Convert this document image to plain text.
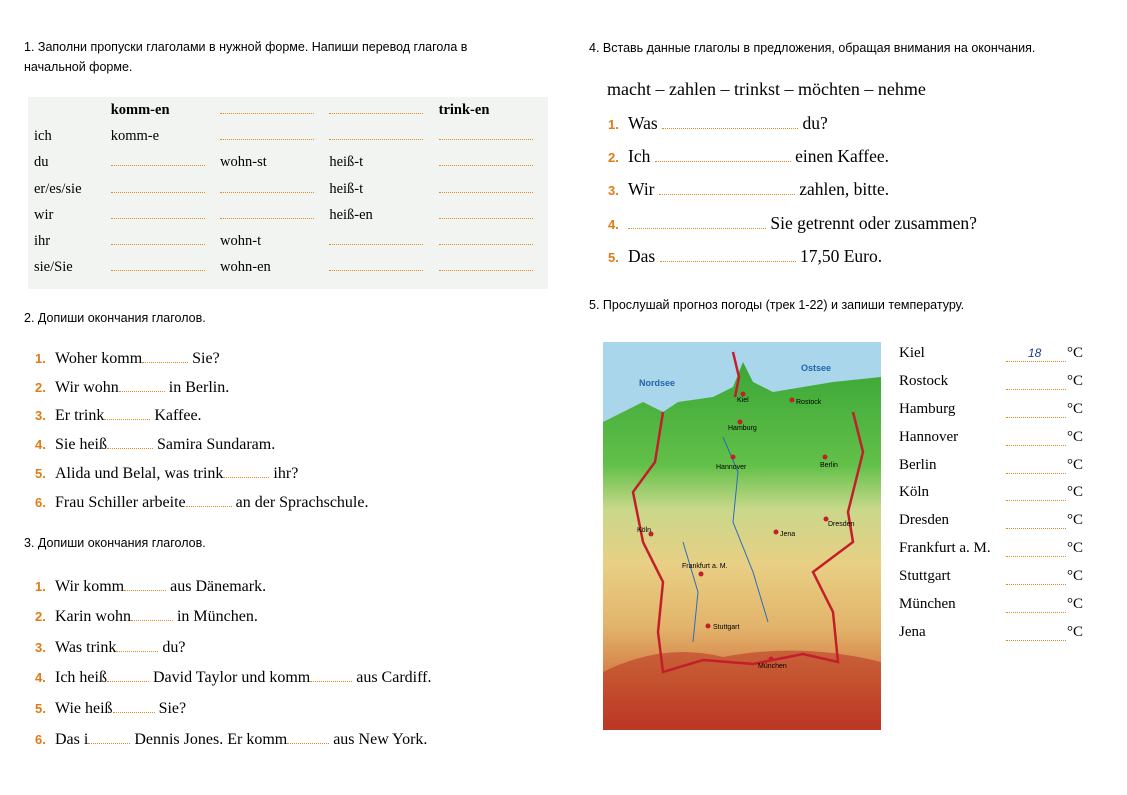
1. Заполни пропуски глаголами в нужной форме. Напиши перевод глагола в
начальной форме.
	komm-en			trink-en
ich	komm-e			
du		wohn-st	heiß-t	
er/es/sie			heiß-t	
wir			heiß-en	
ihr		wohn-t		
sie/Sie		wohn-en		
2. Допиши окончания глаголов.
1. Woher komm	Sie?
2. Wir wohn	in Berlin.
3. Er trink	Kaffee.
4. Sie heiß	Samira Sundaram.
5. Alida und Belal, was trink	ihr?
6. Frau Schiller arbeite	an der Sprachschule.
3. Допиши окончания глаголов.
1. Wir komm	aus Dänemark.
2. Karin wohn	in München.
3. Was trink	du?
4. Ich heiß	David Taylor und komm	aus Cardiff.
5. Wie heiß	Sie?
6. Das i	Dennis Jones. Er komm	aus New York.
4. Вставь данные глаголы в предложения, обращая внимания на окончания.
macht – zahlen – trinkst – möchten – nehme
1. Was	du?
2. Ich	einen Kaffee.
3. Wir	zahlen, bitte.
4.	Sie getrennt oder zusammen?
5. Das	17,50 Euro.
5. Прослушай прогноз погоды (трек 1-22) и запиши температуру.
Nordsee
Ostsee
Kiel	Rostock
Hamburg
Hannover	Berlin
Köln
Dresden
Jena
Frankfurt a. M.
Stuttgart
München
Kiel	18 °C
Rostock	°C
Hamburg	°C
Hannover	°C
Berlin	°C
Köln	°C
Dresden	°C
Frankfurt a. M.	°C
Stuttgart	°C
München	°C
Jena	°C
